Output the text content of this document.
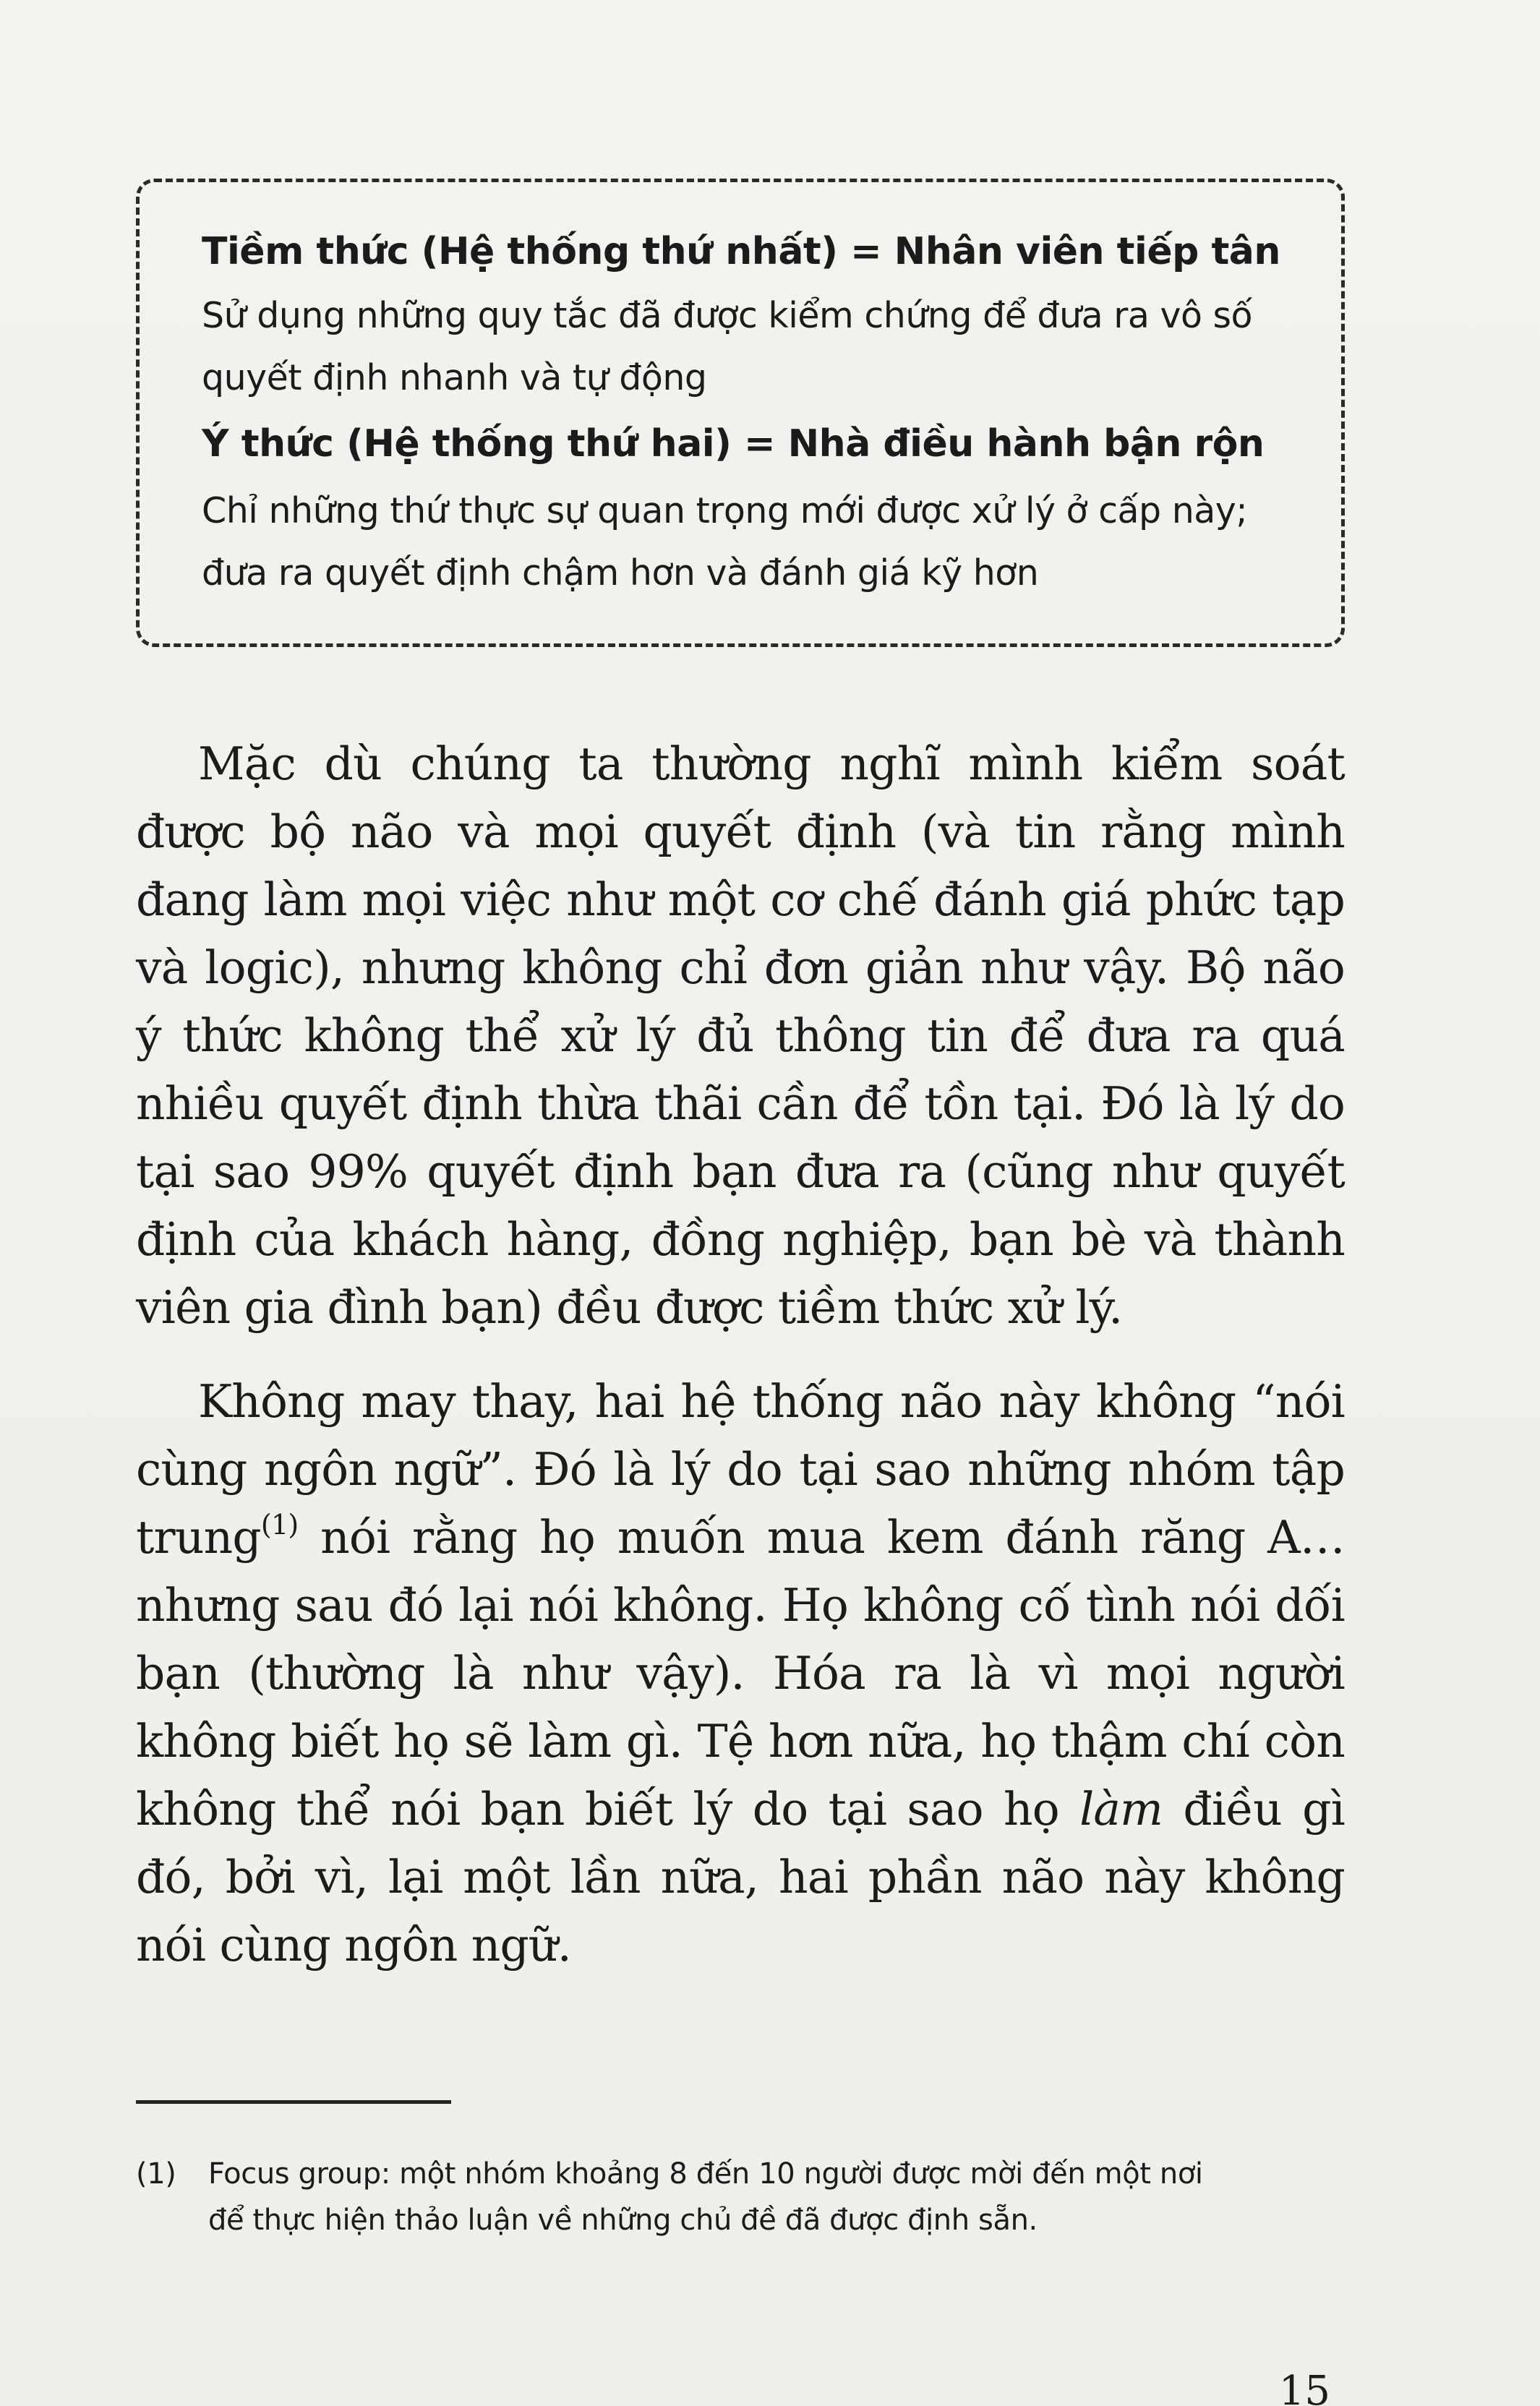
Tiềm thức (Hệ thống thứ nhất) = Nhân viên tiếp tân

Sử dụng những quy tắc đã được kiểm chứng để đưa ra vô số
quyết định nhanh và tự động

Ý thức (Hệ thống thứ hai) = Nhà điều hành bận rộn

Chỉ những thứ thực sự quan trọng mới được xử lý ở cấp này;
đưa ra quyết định chậm hơn và đánh giá kỹ hơn

Mặc dù chúng ta thường nghĩ mình kiểm soát được bộ não và mọi quyết định (và tin rằng mình đang làm mọi việc như một cơ chế đánh giá phức tạp và logic), nhưng không chỉ đơn giản như vậy. Bộ não ý thức không thể xử lý đủ thông tin để đưa ra quá nhiều quyết định thừa thãi cần để tồn tại. Đó là lý do tại sao 99% quyết định bạn đưa ra (cũng như quyết định của khách hàng, đồng nghiệp, bạn bè và thành viên gia đình bạn) đều được tiềm thức xử lý.

Không may thay, hai hệ thống não này không “nói cùng ngôn ngữ”. Đó là lý do tại sao những nhóm tập trung$^{(1)}$ nói rằng họ muốn mua kem đánh răng A… nhưng sau đó lại nói không. Họ không cố tình nói dối bạn (thường là như vậy). Hóa ra là vì mọi người không biết họ sẽ làm gì. Tệ hơn nữa, họ thậm chí còn không thể nói bạn biết lý do tại sao họ làm điều gì đó, bởi vì, lại một lần nữa, hai phần não này không nói cùng ngôn ngữ.

(1) Focus group: một nhóm khoảng 8 đến 10 người được mời đến một nơi
để thực hiện thảo luận về những chủ đề đã được định sẵn.
15
